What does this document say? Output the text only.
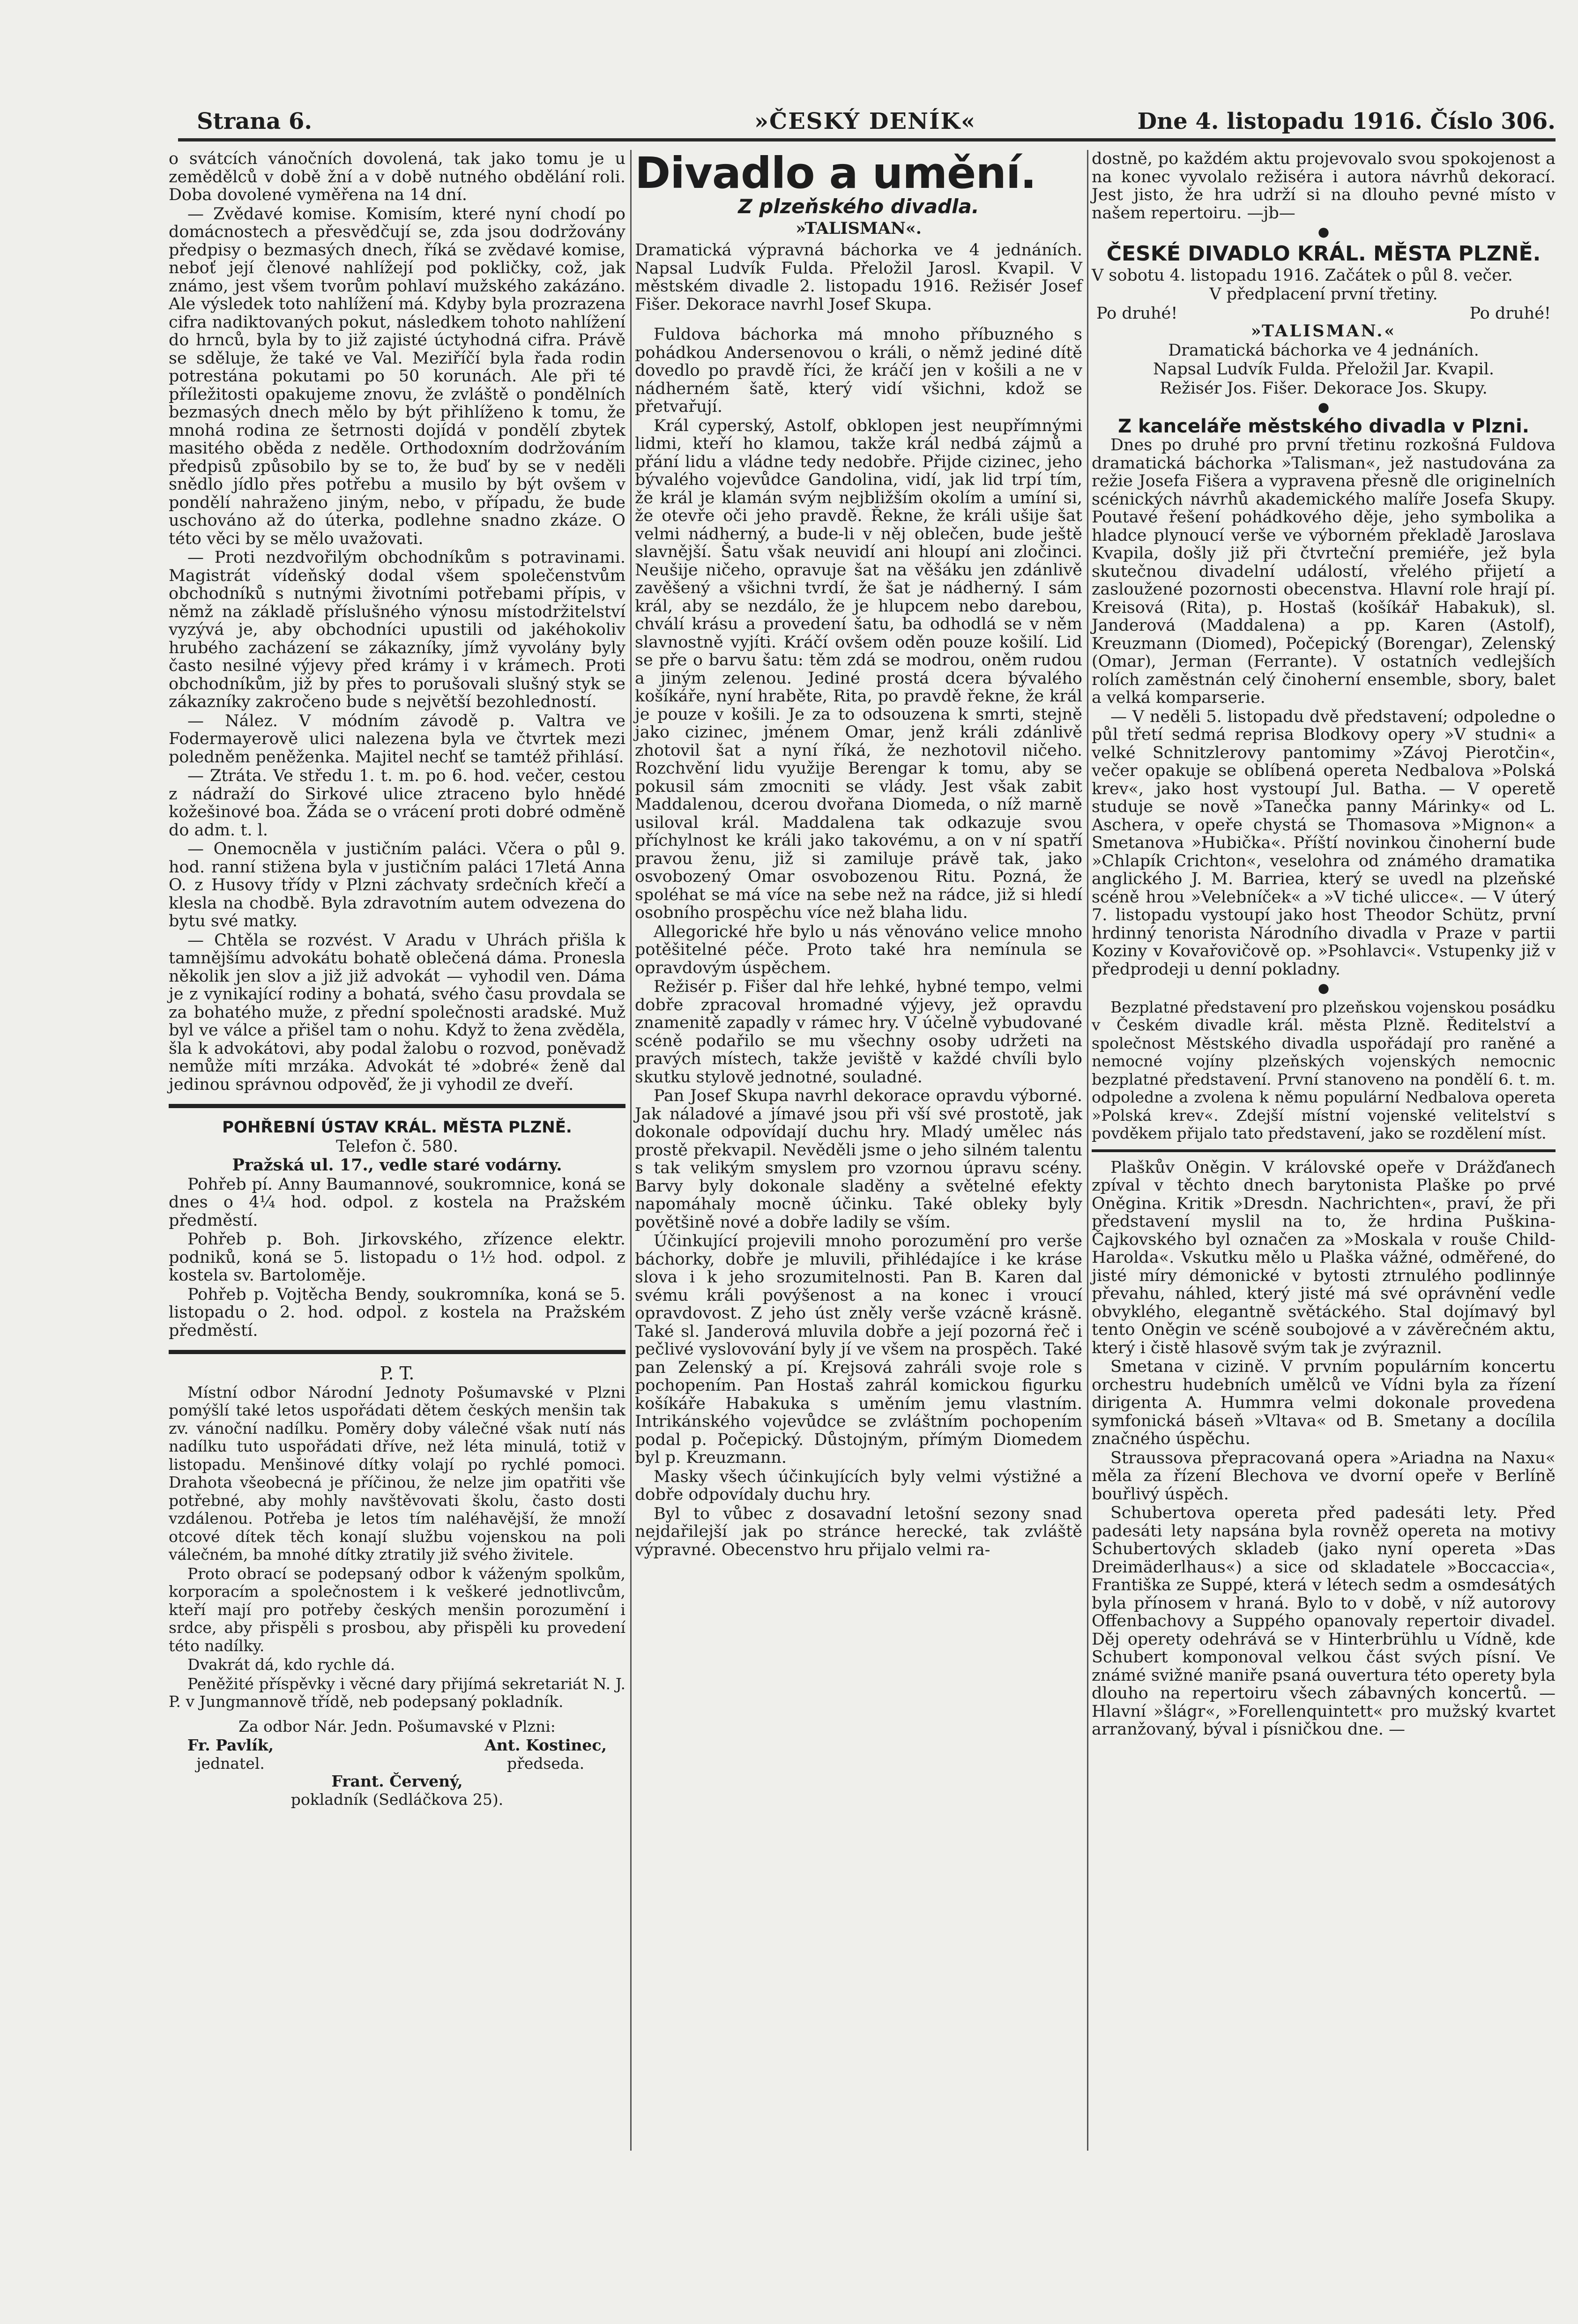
Strana 6.	»ČESKÝ DENÍK«	Dne 4. listopadu 1916. Číslo 306.

o svátcích vánočních dovolená, tak jako tomu je u zemědělců v době žní a v době nutného obdělání roli. Doba dovolené vyměřena na 14 dní.

— Zvědavé komise. Komisím, které nyní chodí po domácnostech a přesvědčují se, zda jsou dodržovány předpisy o bezmasých dnech, říká se zvědavé komise, neboť její členové nahlížejí pod pokličky, což, jak známo, jest všem tvorům pohlaví mužského zakázáno. Ale výsledek toto nahlížení má. Kdyby byla prozrazena cifra nadiktovaných pokut, následkem tohoto nahlížení do hrnců, byla by to již zajisté úctyhodná cifra. Právě se sděluje, že také ve Val. Meziříčí byla řada rodin potrestána pokutami po 50 korunách. Ale při té příležitosti opakujeme znovu, že zvláště o pondělních bezmasých dnech mělo by být přihlíženo k tomu, že mnohá rodina ze šetrnosti dojídá v pondělí zbytek masitého oběda z neděle. Orthodoxním dodržováním předpisů způsobilo by se to, že buď by se v neděli snědlo jídlo přes potřebu a musilo by být ovšem v pondělí nahraženo jiným, nebo, v případu, že bude uschováno až do úterka, podlehne snadno zkáze. O této věci by se mělo uvažovati.

— Proti nezdvořilým obchodníkům s potravinami. Magistrát vídeňský dodal všem společenstvům obchodníků s nutnými životními potřebami přípis, v němž na základě příslušného výnosu místodržitelství vyzývá je, aby obchodníci upustili od jakéhokoliv hrubého zacházení se zákazníky, jímž vyvolány byly často nesilné výjevy před krámy i v krámech. Proti obchodníkům, již by přes to porušovali slušný styk se zákazníky zakročeno bude s největší bezohledností.

— Nález. V módním závodě p. Valtra ve Fodermayerově ulici nalezena byla ve čtvrtek mezi poledněm peněženka. Majitel nechť se tamtéž přihlásí.

— Ztráta. Ve středu 1. t. m. po 6. hod. večer, cestou z nádraží do Sirkové ulice ztraceno bylo hnědé kožešinové boa. Žáda se o vrácení proti dobré odměně do adm. t. l.

— Onemocněla v justičním paláci. Včera o půl 9. hod. ranní stižena byla v justičním paláci 17letá Anna O. z Husovy třídy v Plzni záchvaty srdečních křečí a klesla na chodbě. Byla zdravotním autem odvezena do bytu své matky.

— Chtěla se rozvést. V Aradu v Uhrách přišla k tamnějšímu advokátu bohatě oblečená dáma. Pronesla několik jen slov a již již advokát — vyhodil ven. Dáma je z vynikající rodiny a bohatá, svého času provdala se za bohatého muže, z přední společnosti aradské. Muž byl ve válce a přišel tam o nohu. Když to žena zvěděla, šla k advokátovi, aby podal žalobu o rozvod, poněvadž nemůže míti mrzáka. Advokát té »dobré« ženě dal jedinou správnou odpověď, že ji vyhodil ze dveří.

POHŘEBNÍ ÚSTAV KRÁL. MĚSTA PLZNĚ.

Telefon č. 580.

Pražská ul. 17., vedle staré vodárny.

Pohřeb pí. Anny Baumannové, soukromnice, koná se dnes o 4¼ hod. odpol. z kostela na Pražském předměstí.

Pohřeb p. Boh. Jirkovského, zřízence elektr. podniků, koná se 5. listopadu o 1½ hod. odpol. z kostela sv. Bartoloměje.

Pohřeb p. Vojtěcha Bendy, soukromníka, koná se 5. listopadu o 2. hod. odpol. z kostela na Pražském předměstí.

P. T.

Místní odbor Národní Jednoty Pošumavské v Plzni pomýšlí také letos uspořádati dětem českých menšin tak zv. vánoční nadílku. Poměry doby válečné však nutí nás nadílku tuto uspořádati dříve, než léta minulá, totiž v listopadu. Menšinové dítky volají po rychlé pomoci. Drahota všeobecná je příčinou, že nelze jim opatřiti vše potřebné, aby mohly navštěvovati školu, často dosti vzdálenou. Potřeba je letos tím naléhavější, že množí otcové dítek těch konají službu vojenskou na poli válečném, ba mnohé dítky ztratily již svého živitele.

Proto obrací se podepsaný odbor k váženým spolkům, korporacím a společnostem i k veškeré jednotlivcům, kteří mají pro potřeby českých menšin porozumění i srdce, aby přispěli s prosbou, aby přispěli ku provedení této nadílky.

Dvakrát dá, kdo rychle dá.

Peněžité příspěvky i věcné dary přijímá sekretariát N. J. P. v Jungmannově třídě, neb podepsaný pokladník.

Za odbor Nár. Jedn. Pošumavské v Plzni:

Fr. Pavlík,
jednatel.
Ant. Kostinec,
předseda.
Frant. Červený,
pokladník (Sedláčkova 25).

Divadlo a umění.

Z plzeňského divadla.

»TALISMAN«.

Dramatická výpravná báchorka ve 4 jednáních. Napsal Ludvík Fulda. Přeložil Jarosl. Kvapil. V městském divadle 2. listopadu 1916. Režisér Josef Fišer. Dekorace navrhl Josef Skupa.

Fuldova báchorka má mnoho příbuzného s pohádkou Andersenovou o králi, o němž jediné dítě dovedlo po pravdě říci, že kráčí jen v košili a ne v nádherném šatě, který vidí všichni, kdož se přetvařují.

Král cyperský, Astolf, obklopen jest neupřímnými lidmi, kteří ho klamou, takže král nedbá zájmů a přání lidu a vládne tedy nedobře. Přijde cizinec, jeho bývalého vojevůdce Gandolina, vidí, jak lid trpí tím, že král je klamán svým nejbližším okolím a umíní si, že otevře oči jeho pravdě. Řekne, že králi ušije šat velmi nádherný, a bude-li v něj oblečen, bude ještě slavnější. Šatu však neuvidí ani hloupí ani zločinci. Neušije ničeho, opravuje šat na věšáku jen zdánlivě zavěšený a všichni tvrdí, že šat je nádherný. I sám král, aby se nezdálo, že je hlupcem nebo darebou, chválí krásu a provedení šatu, ba odhodlá se v něm slavnostně vyjíti. Kráčí ovšem oděn pouze košilí. Lid se pře o barvu šatu: těm zdá se modrou, oněm rudou a jiným zelenou. Jediné prostá dcera bývalého košíkáře, nyní hraběte, Rita, po pravdě řekne, že král je pouze v košili. Je za to odsouzena k smrti, stejně jako cizinec, jménem Omar, jenž králi zdánlivě zhotovil šat a nyní říká, že nezhotovil ničeho. Rozchvění lidu využije Berengar k tomu, aby se pokusil sám zmocniti se vlády. Jest však zabit Maddalenou, dcerou dvořana Diomeda, o níž marně usiloval král. Maddalena tak odkazuje svou příchylnost ke králi jako takovému, a on v ní spatří pravou ženu, již si zamiluje právě tak, jako osvobozený Omar osvobozenou Ritu. Pozná, že spoléhat se má více na sebe než na rádce, již si hledí osobního prospěchu více než blaha lidu.

Allegorické hře bylo u nás věnováno velice mnoho potěšitelné péče. Proto také hra nemínula se opravdovým úspěchem.

Režisér p. Fišer dal hře lehké, hybné tempo, velmi dobře zpracoval hromadné výjevy, jež opravdu znamenitě zapadly v rámec hry. V účelně vybudované scéně podařilo se mu všechny osoby udržeti na pravých místech, takže jeviště v každé chvíli bylo skutku stylově jednotné, souladné.

Pan Josef Skupa navrhl dekorace opravdu výborné. Jak náladové a jímavé jsou při vší své prostotě, jak dokonale odpovídají duchu hry. Mladý umělec nás prostě překvapil. Nevěděli jsme o jeho silném talentu s tak velikým smyslem pro vzornou úpravu scény. Barvy byly dokonale sladěny a světelné efekty napomáhaly mocně účinku. Také obleky byly povětšině nové a dobře ladily se vším.

Účinkující projevili mnoho porozumění pro verše báchorky, dobře je mluvili, přihlédajíce i ke kráse slova i k jeho srozumitelnosti. Pan B. Karen dal svému králi povýšenost a na konec i vroucí opravdovost. Z jeho úst zněly verše vzácně krásně. Také sl. Janderová mluvila dobře a její pozorná řeč i pečlivé vyslovování byly jí ve všem na prospěch. Také pan Zelenský a pí. Krejsová zahráli svoje role s pochopením. Pan Hostaš zahrál komickou figurku košíkáře Habakuka s uměním jemu vlastním. Intrikánského vojevůdce se zvláštním pochopením podal p. Počepický. Důstojným, přímým Diomedem byl p. Kreuzmann.

Masky všech účinkujících byly velmi výstižné a dobře odpovídaly duchu hry.

Byl to vůbec z dosavadní letošní sezony snad nejdařilejší jak po stránce herecké, tak zvláště výpravné. Obecenstvo hru přijalo velmi ra-

dostně, po každém aktu projevovalo svou spokojenost a na konec vyvolalo režiséra i autora návrhů dekorací. Jest jisto, že hra udrží si na dlouho pevné místo v našem repertoiru. —jb—

●

ČESKÉ DIVADLO KRÁL. MĚSTA PLZNĚ.

V sobotu 4. listopadu 1916. Začátek o půl 8. večer.

V předplacení první třetiny.

Po druhé!	Po druhé!

»TALISMAN.«

Dramatická báchorka ve 4 jednáních.

Napsal Ludvík Fulda. Přeložil Jar. Kvapil.

Režisér Jos. Fišer. Dekorace Jos. Skupy.

●

Z kanceláře městského divadla v Plzni.

Dnes po druhé pro první třetinu rozkošná Fuldova dramatická báchorka »Talisman«, jež nastudována za režie Josefa Fišera a vypravena přesně dle originelních scénických návrhů akademického malíře Josefa Skupy. Poutavé řešení pohádkového děje, jeho symbolika a hladce plynoucí verše ve výborném překladě Jaroslava Kvapila, došly již při čtvrteční premiéře, jež byla skutečnou divadelní událostí, vřelého přijetí a zasloužené pozornosti obecenstva. Hlavní role hrají pí. Kreisová (Rita), p. Hostaš (košíkář Habakuk), sl. Janderová (Maddalena) a pp. Karen (Astolf), Kreuzmann (Diomed), Počepický (Borengar), Zelenský (Omar), Jerman (Ferrante). V ostatních vedlejších rolích zaměstnán celý činoherní ensemble, sbory, balet a velká komparserie.

— V neděli 5. listopadu dvě představení; odpoledne o půl třetí sedmá reprisa Blodkovy opery »V studni« a velké Schnitzlerovy pantomimy »Závoj Pierotčin«, večer opakuje se oblíbená opereta Nedbalova »Polská krev«, jako host vystoupí Jul. Batha. — V operetě studuje se nově »Tanečka panny Márinky« od L. Aschera, v opeře chystá se Thomasova »Mignon« a Smetanova »Hubička«. Příští novinkou činoherní bude »Chlapík Crichton«, veselohra od známého dramatika anglického J. M. Barriea, který se uvedl na plzeňské scéně hrou »Velebníček« a »V tiché ulicce«. — V úterý 7. listopadu vystoupí jako host Theodor Schütz, první hrdinný tenorista Národního divadla v Praze v partii Koziny v Kovařovičově op. »Psohlavci«. Vstupenky již v předprodeji u denní pokladny.

●

Bezplatné představení pro plzeňskou vojenskou posádku v Českém divadle král. města Plzně. Ředitelství a společnost Městského divadla uspořádají pro raněné a nemocné vojíny plzeňských vojenských nemocnic bezplatné představení. První stanoveno na pondělí 6. t. m. odpoledne a zvolena k němu populární Nedbalova opereta »Polská krev«. Zdejší místní vojenské velitelství s povděkem přijalo tato představení, jako se rozdělení míst.

Plaškův Oněgin. V královské opeře v Drážďanech zpíval v těchto dnech barytonista Plaške po prvé Oněgina. Kritik »Dresdn. Nachrichten«, praví, že při představení myslil na to, že hrdina Puškina-Čajkovského byl označen za »Moskala v rouše Child-Harolda«. Vskutku mělo u Plaška vážné, odměřené, do jisté míry démonické v bytosti ztrnulého podlinnýe převahu, náhled, který jisté má své oprávnění vedle obvyklého, elegantně světáckého. Stal dojímavý byl tento Oněgin ve scéně soubojové a v závěrečném aktu, který i čistě hlasově svým tak je zvýraznil.

Smetana v cizině. V prvním populárním koncertu orchestru hudebních umělců ve Vídni byla za řízení dirigenta A. Hummra velmi dokonale provedena symfonická báseň »Vltava« od B. Smetany a docílila značného úspěchu.

Straussova přepracovaná opera »Ariadna na Naxu« měla za řízení Blechova ve dvorní opeře v Berlíně bouřlivý úspěch.

Schubertova opereta před padesáti lety. Před padesáti lety napsána byla rovněž opereta na motivy Schubertových skladeb (jako nyní opereta »Das Dreimäderlhaus«) a sice od skladatele »Boccaccia«, Františka ze Suppé, která v létech sedm a osmdesátých byla přínosem v hraná. Bylo to v době, v níž autorovy Offenbachovy a Suppého opanovaly repertoir divadel. Děj operety odehrává se v Hinterbrühlu u Vídně, kde Schubert komponoval velkou část svých písní. Ve známé svižné maniře psaná ouvertura této operety byla dlouho na repertoiru všech zábavných koncertů. — Hlavní »šlágr«, »Forellenquintett« pro mužský kvartet arranžovaný, býval i písničkou dne. —
